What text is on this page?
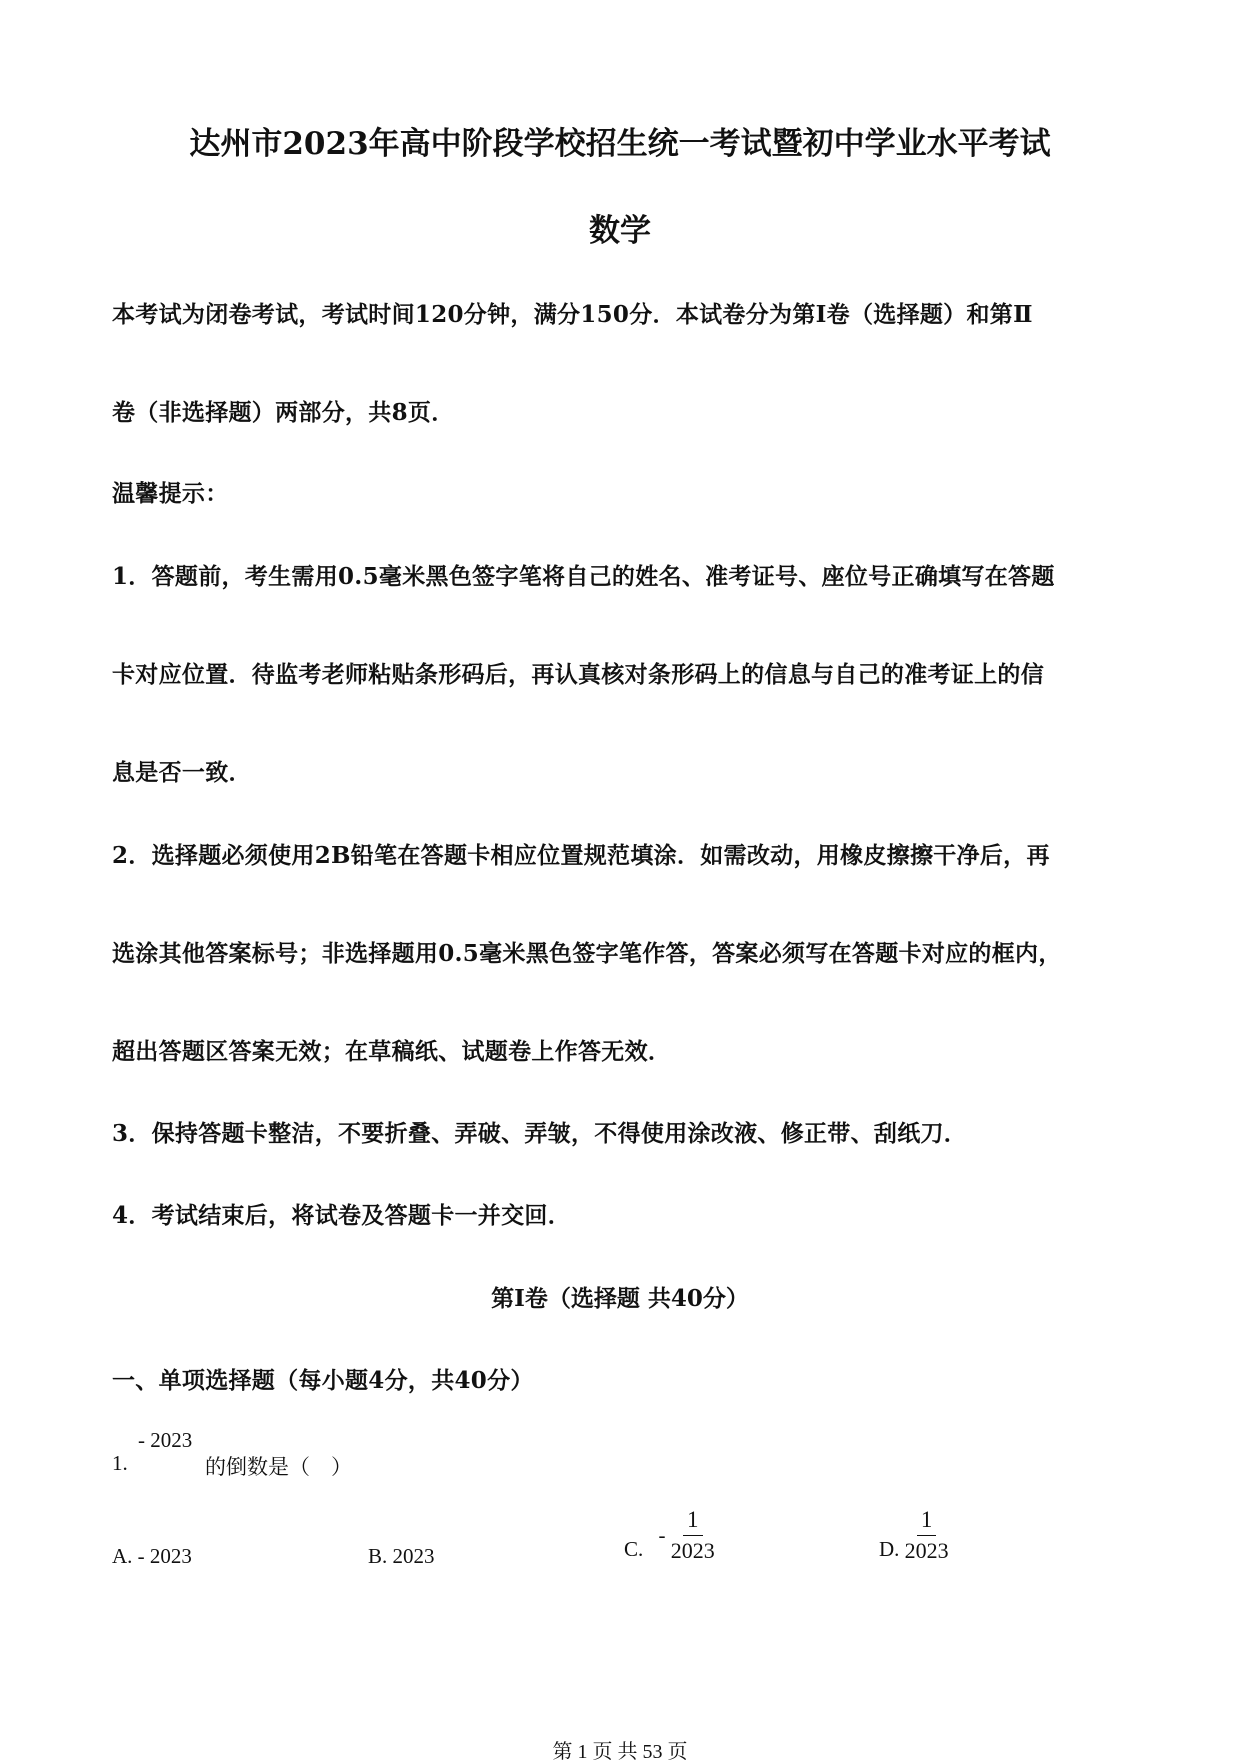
达州市2023年高中阶段学校招生统一考试暨初中学业水平考试
数学
本考试为闭卷考试，考试时间120分钟，满分150分．本试卷分为第Ⅰ卷（选择题）和第Ⅱ
卷（非选择题）两部分，共8页．
温馨提示：
1．答题前，考生需用0.5毫米黑色签字笔将自己的姓名、准考证号、座位号正确填写在答题
卡对应位置．待监考老师粘贴条形码后，再认真核对条形码上的信息与自己的准考证上的信
息是否一致．
2．选择题必须使用2B铅笔在答题卡相应位置规范填涂．如需改动，用橡皮擦擦干净后，再
选涂其他答案标号；非选择题用0.5毫米黑色签字笔作答，答案必须写在答题卡对应的框内，
超出答题区答案无效；在草稿纸、试题卷上作答无效．
3．保持答题卡整洁，不要折叠、弄破、弄皱，不得使用涂改液、修正带、刮纸刀．
4．考试结束后，将试卷及答题卡一并交回．
第Ⅰ卷（选择题 共40分）
一、单项选择题（每小题4分，共40分）
- 2023
1.	的倒数是（　）
A. - 2023	B. 2023	C. - $\frac{1}{2023}$	D. $\frac{1}{2023}$
第 1 页 共 53 页
